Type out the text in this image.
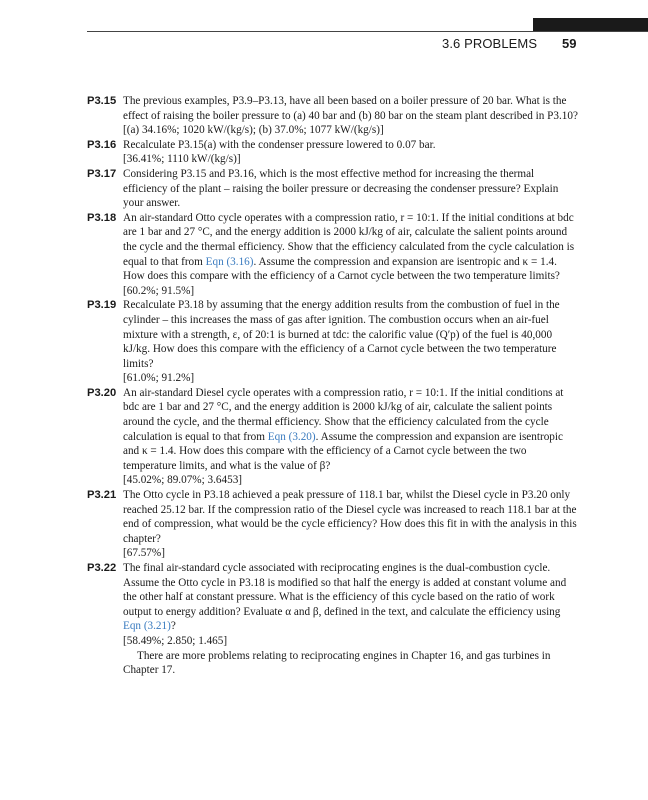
3.6 PROBLEMS 59
P3.15 The previous examples, P3.9–P3.13, have all been based on a boiler pressure of 20 bar. What is the effect of raising the boiler pressure to (a) 40 bar and (b) 80 bar on the steam plant described in P3.10?

[(a) 34.16%; 1020 kW/(kg/s); (b) 37.0%; 1077 kW/(kg/s)]

P3.16 Recalculate P3.15(a) with the condenser pressure lowered to 0.07 bar.

[36.41%; 1110 kW/(kg/s)]

P3.17 Considering P3.15 and P3.16, which is the most effective method for increasing the thermal efficiency of the plant – raising the boiler pressure or decreasing the condenser pressure? Explain your answer.

P3.18 An air-standard Otto cycle operates with a compression ratio, r = 10:1. If the initial conditions at bdc are 1 bar and 27 °C, and the energy addition is 2000 kJ/kg of air, calculate the salient points around the cycle and the thermal efficiency. Show that the efficiency calculated from the cycle calculation is equal to that from Eqn (3.16). Assume the compression and expansion are isentropic and κ = 1.4. How does this compare with the efficiency of a Carnot cycle between the two temperature limits?

[60.2%; 91.5%]

P3.19 Recalculate P3.18 by assuming that the energy addition results from the combustion of fuel in the cylinder – this increases the mass of gas after ignition. The combustion occurs when an air-fuel mixture with a strength, ε, of 20:1 is burned at tdc: the calorific value (Q′p) of the fuel is 40,000 kJ/kg. How does this compare with the efficiency of a Carnot cycle between the two temperature limits?

[61.0%; 91.2%]

P3.20 An air-standard Diesel cycle operates with a compression ratio, r = 10:1. If the initial conditions at bdc are 1 bar and 27 °C, and the energy addition is 2000 kJ/kg of air, calculate the salient points around the cycle, and the thermal efficiency. Show that the efficiency calculated from the cycle calculation is equal to that from Eqn (3.20). Assume the compression and expansion are isentropic and κ = 1.4. How does this compare with the efficiency of a Carnot cycle between the two temperature limits, and what is the value of β?

[45.02%; 89.07%; 3.6453]

P3.21 The Otto cycle in P3.18 achieved a peak pressure of 118.1 bar, whilst the Diesel cycle in P3.20 only reached 25.12 bar. If the compression ratio of the Diesel cycle was increased to reach 118.1 bar at the end of compression, what would be the cycle efficiency? How does this fit in with the analysis in this chapter?

[67.57%]

P3.22 The final air-standard cycle associated with reciprocating engines is the dual-combustion cycle. Assume the Otto cycle in P3.18 is modified so that half the energy is added at constant volume and the other half at constant pressure. What is the efficiency of this cycle based on the ratio of work output to energy addition? Evaluate α and β, defined in the text, and calculate the efficiency using Eqn (3.21)?

[58.49%; 2.850; 1.465]

There are more problems relating to reciprocating engines in Chapter 16, and gas turbines in Chapter 17.
